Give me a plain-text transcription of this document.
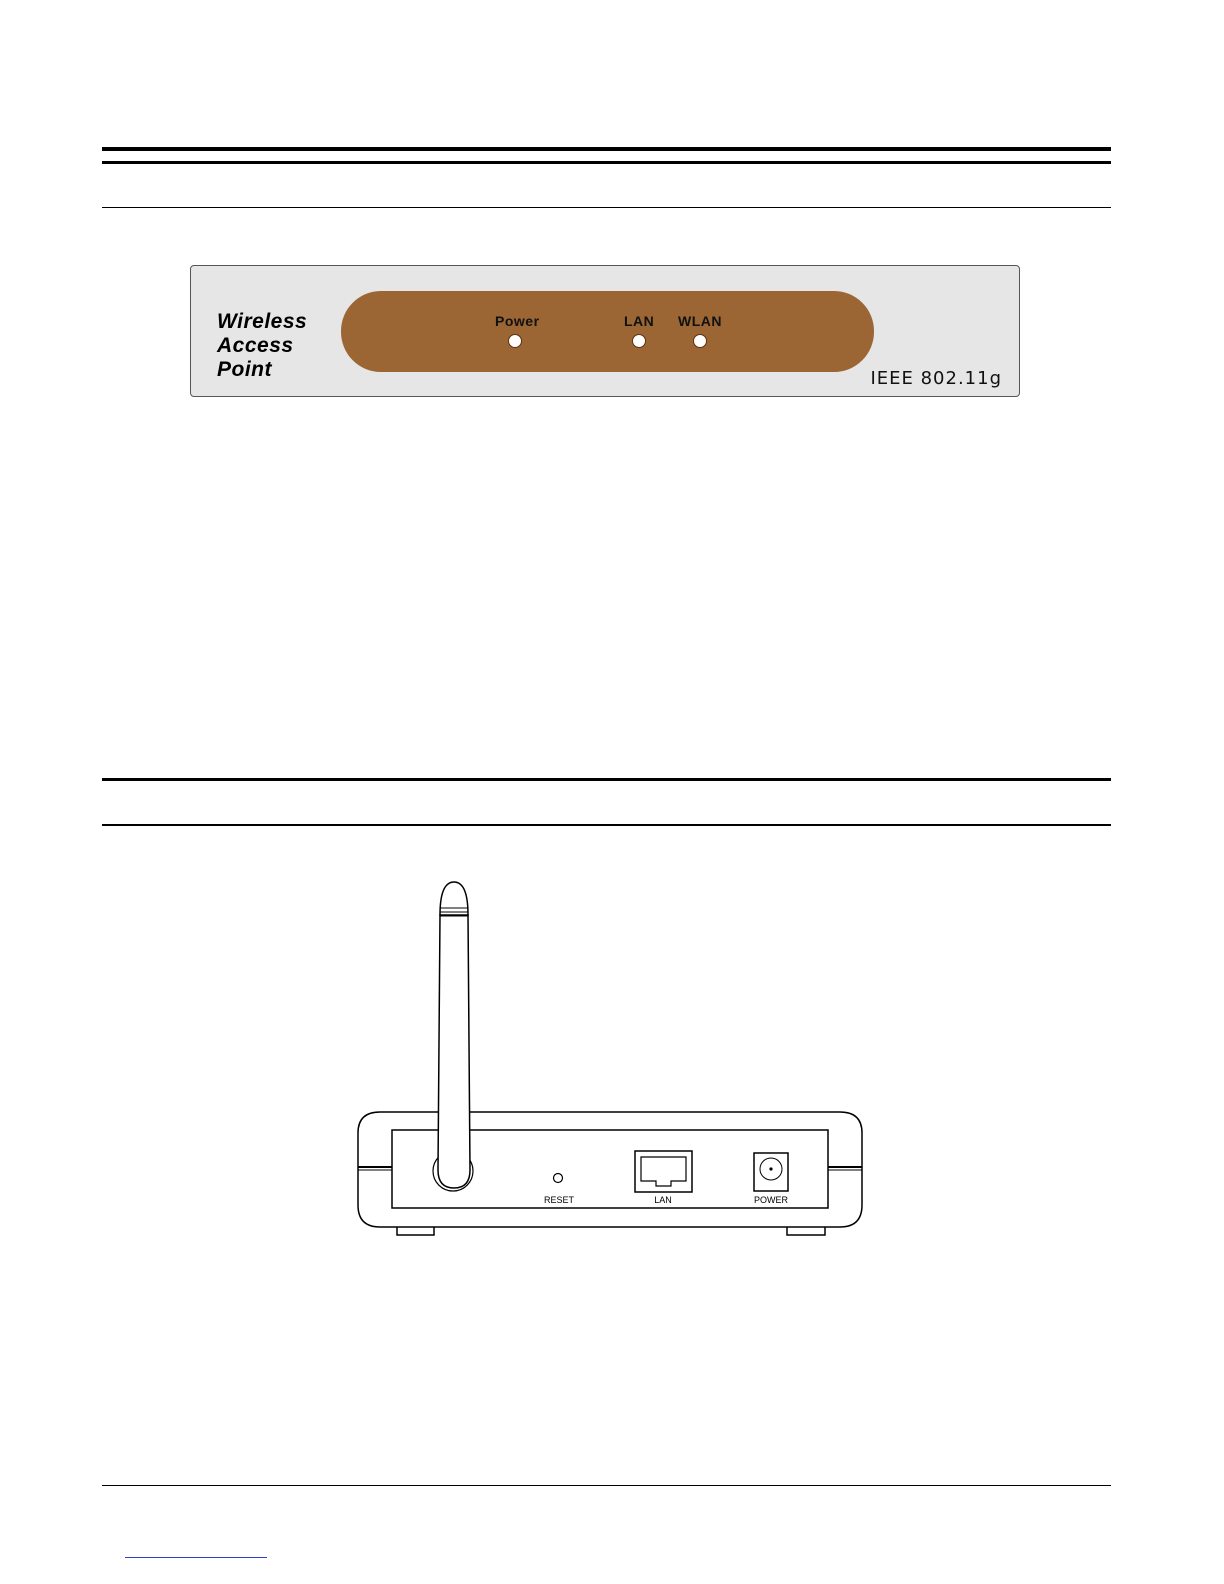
Wireless
Access
Point
Power	LAN WLAN
IEEE 802.11g
RESET	LAN	POWER
